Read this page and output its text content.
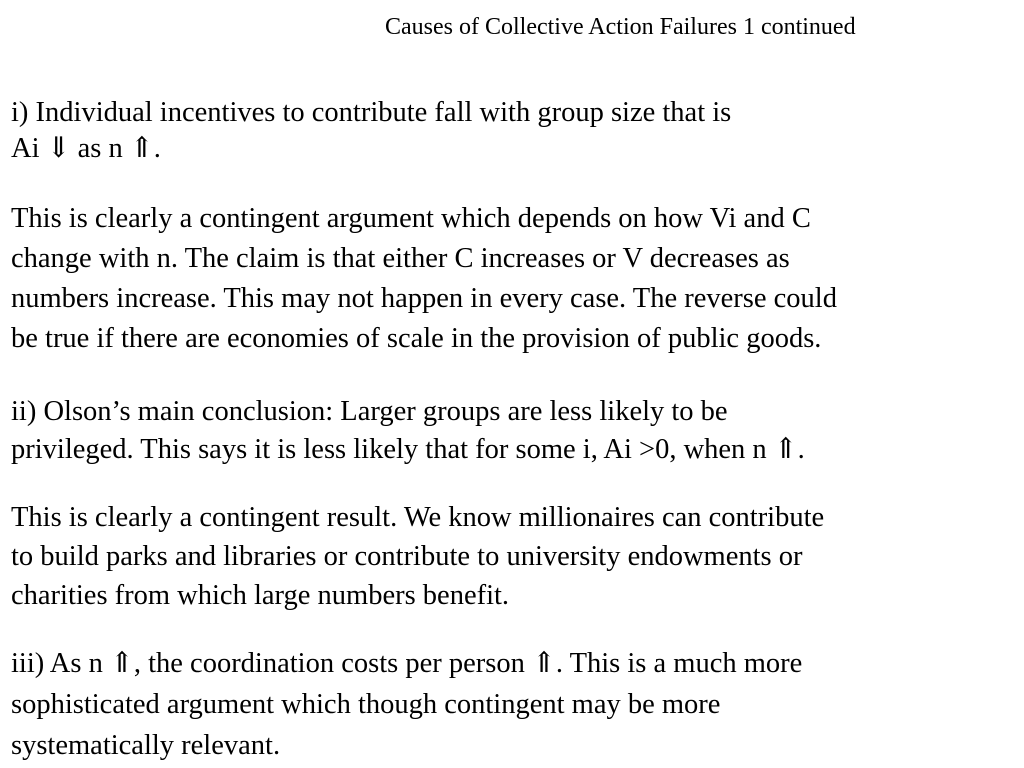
Causes of Collective Action Failures 1 continued

i) Individual incentives to contribute fall with group size that is
Ai ⇓ as n ⇑.

This is clearly a contingent argument which depends on how Vi and C
change with n. The claim is that either C increases or V decreases as
numbers increase. This may not happen in every case. The reverse could
be true if there are economies of scale in the provision of public goods.

ii) Olson’s main conclusion: Larger groups are less likely to be
privileged. This says it is less likely that for some i, Ai >0, when n ⇑.

This is clearly a contingent result. We know millionaires can contribute
to build parks and libraries or contribute to university endowments or
charities from which large numbers benefit.

iii) As n ⇑, the coordination costs per person ⇑. This is a much more
sophisticated argument which though contingent may be more
systematically relevant.
